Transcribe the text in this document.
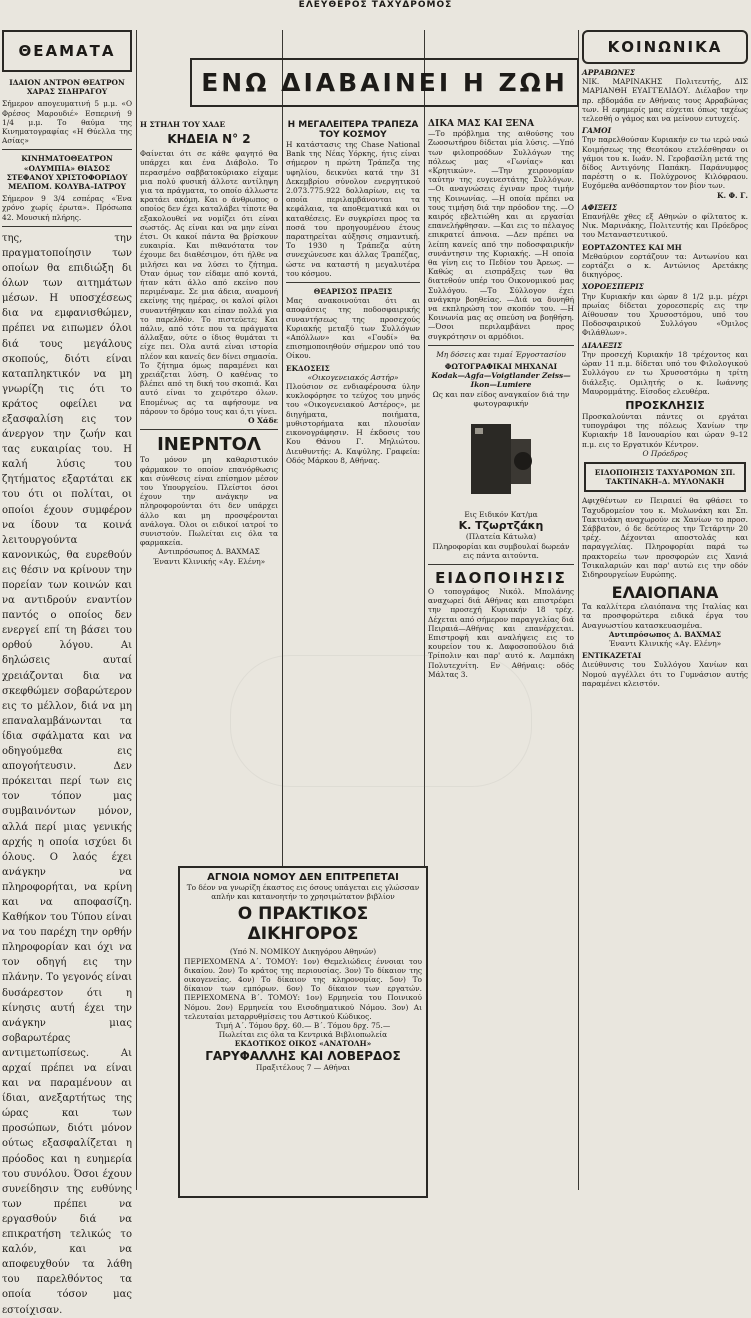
ΕΛΕΥΘΕΡΟΣ ΤΑΧΥΔΡΟΜΟΣ
ΘΕΑΜΑΤΑ
ΙΔΑΙΟΝ ΑΝΤΡΟΝ ΘΕΑΤΡΟΝ ΧΑΡΑΣ ΣΙΔΗΡΑΓΟΥ
Σήμερον απογευματινή 5 μ.μ. «Ο Φρέσος Μαρουδιέ» Εσπερινή 9 1/4 μ.μ. Το θαύμα της Κινηματογραφίας «Η Θύελλα της Ασίας»
ΚΙΝΗΜΑΤΟΘΕΑΤΡΟΝ «ΟΛΥΜΠΙΑ» ΘΙΑΣΟΣ ΣΤΕΦΑΝΟΥ ΧΡΙΣΤΟΦΟΡΙΔΟΥ ΜΕΛΠΟΜ. ΚΟΛΥΒΑ–ΙΑΤΡΟΥ
Σήμερον 9 3/4 εσπέρας «Ένα χρόνο χωρίς έρωτα». Πρόσωπα 42. Μουσική πλήρης.
της, την πραγματοποίησιν των οποίων θα επιδιώξη δι όλων των αιτημάτων μέσων. Η υποσχέσεως δια να εμφανισθώμεν, πρέπει να ειπωμεν όλοι διά τους μεγάλους σκοπούς, διότι είναι καταπληκτικόν να μη γνωρίζη τις ότι το κράτος οφείλει να εξασφαλίση εις τον άνεργον την ζωήν και τας ευκαιρίας του. Η καλή λύσις του ζητήματος εξαρτάται εκ του ότι οι πολίται, οι οποίοι έχουν συμφέρον να ίδουν τα κοινά λειτουργούντα κανονικώς, θα ευρεθούν εις θέσιν να κρίνουν την πορείαν των κοινών και να αντιδρούν εναντίον παντός ο οποίος δεν ενεργεί επί τη βάσει του ορθού λόγου. Αι δηλώσεις αυταί χρειάζονται δια να σκεφθώμεν σοβαρώτερον εις το μέλλον, διά να μη επαναλαμβάνωνται τα ίδια σφάλματα και να οδηγούμεθα εις απογοήτευσιν. Δεν πρόκειται περί των εις τον τόπον μας συμβαινόντων μόνον, αλλά περί μιας γενικής αρχής η οποία ισχύει δι όλους. Ο λαός έχει ανάγκην να πληροφορήται, να κρίνη και να αποφασίζη. Καθήκον του Τύπου είναι να του παρέχη την ορθήν πληροφορίαν και όχι να τον οδηγή εις την πλάνην. Το γεγονός είναι δυσάρεστον ότι η κίνησις αυτή έχει την ανάγκην μιας σοβαρωτέρας αντιμετωπίσεως. Αι αρχαί πρέπει να είναι και να παραμένουν αι ίδιαι, ανεξαρτήτως της ώρας και των προσώπων, διότι μόνον ούτως εξασφαλίζεται η πρόοδος και η ευημερία του συνόλου. Όσοι έχουν συνείδησιν της ευθύνης των πρέπει να εργασθούν διά να επικρατήση τελικώς το καλόν, και να αποφευχθούν τα λάθη του παρελθόντος τα οποία τόσον μας εστοίχισαν.
ΕΝΩ ΔΙΑΒΑΙΝΕΙ Η ΖΩΗ
Η ΣΤΗΛΗ ΤΟΥ ΧΑΔΕ
ΚΗΔΕΙΑ Ν° 2
Φαίνεται ότι σε κάθε φαγητό θα υπάρχει και ένα Διάβολο. Το περασμένο σαββατοκύριακο είχαμε μια πολύ φυσική άλλοτε αντίληψη για τα πράγματα, το οποίο άλλωστε κρατάει ακόμη. Και ο άνθρωπος ο οποίος δεν έχει καταλάβει τίποτε θα εξακολουθεί να νομίζει ότι είναι σωστός. Ας είναι και να μην είναι έτσι. Οι κακοί πάντα θα βρίσκουν ευκαιρία. Και πιθανότατα τον έχουμε δει διαθέσιμον, ότι ήλθε να μιλήσει και να λύσει το ζήτημα. Όταν όμως τον είδαμε από κοντά, ήταν κάτι άλλο από εκείνο που περιμέναμε. Σε μια άδεια, αναμονή εκείνης της ημέρας, οι καλοί φίλοι συναντήθηκαν και είπαν πολλά για το παρελθόν. Το πιστεύετε; Και πάλιν, από τότε που τα πράγματα άλλαξαν, ούτε ο ίδιος θυμάται τι είχε πει. Όλα αυτά είναι ιστορία πλέον και κανείς δεν δίνει σημασία. Το ζήτημα όμως παραμένει και χρειάζεται λύση. Ο καθένας το βλέπει από τη δική του σκοπιά. Και αυτό είναι το χειρότερο όλων. Επομένως ας τα αφήσουμε να πάρουν το δρόμο τους και ό,τι γίνει.
Ο Χάδε
ΙΝΕΡΝΤΟΛ
Το μόνον μη καθαριστικόν φάρμακον το οποίον επανόρθωσις και σύνθεσις είναι επίσημον μέσον του Υπουργείου. Πλείστοι όσοι έχουν την ανάγκην να πληροφορούνται ότι δεν υπάρχει άλλο και μη προσφέρονται ανάλογα. Όλοι οι ειδικοί ιατροί το συνιστούν. Πωλείται εις όλα τα φαρμακεία.
Αντιπρόσωπος Δ. ΒΑΧΜΑΣ
Έναντι Κλινικής «Αγ. Ελένη»
Η ΜΕΓΑΛΕΙΤΕΡΑ ΤΡΑΠΕΖΑ ΤΟΥ ΚΟΣΜΟΥ
Η κατάστασις της Chase National Bank της Νέας Υόρκης, ήτις είναι σήμερον η πρώτη Τράπεζα της υφηλίου, δεικνύει κατά την 31 Δεκεμβρίου σύνολον ενεργητικού 2.073.775.922 δολλαρίων, εις τα οποία περιλαμβάνονται τα κεφάλαια, τα αποθεματικά και οι καταθέσεις. Εν συγκρίσει προς τα ποσά του προηγουμένου έτους παρατηρείται αύξησις σημαντική. Το 1930 η Τράπεζα αύτη συνεχώνευσε και άλλας Τραπέζας, ώστε να καταστή η μεγαλυτέρα του κόσμου.
ΘΕΑΡΙΣΟΣ ΠΡΑΞΙΣ
Μας ανακοινούται ότι αι αποφάσεις της ποδοσφαιρικής συναντήσεως της προσεχούς Κυριακής μεταξύ των Συλλόγων «Απόλλων» και «Γουδί» θα επισημοποιηθούν σήμερον υπό του Οίκου.
ΕΚΔΟΣΕΙΣ
«Οικογενειακός Αστήρ»
Πλούσιον σε ενδιαφέρουσα ύλην κυκλοφόρησε το τεύχος του μηνός του «Οικογενειακού Αστέρος», με διηγήματα, ποιήματα, μυθιστορήματα και πλουσίαν εικονογράφησιν. Η έκδοσις του Κου Θάνου Γ. Μηλιώτου. Διευθυντής: Α. Καψύλης. Γραφεία: Οδός Μάρκου 8, Αθήνας.
ΔΙΚΑ ΜΑΣ ΚΑΙ ΞΕΝΑ
—Το πρόβλημα της αιθούσης του Ζωοσωτήρου δίδεται μία λύσις. —Υπό των φιλοπροόδων Συλλόγων της πόλεως μας «Γωνίας» και «Κρητικών». —Την χειρονομίαν ταύτην της ευγενεστάτης Συλλόγων. —Οι αναγνώσεις έγιναν προς τιμήν της Κοινωνίας. —Η οποία πρέπει να τους τιμήση διά την πρόοδον της. —Ο καιρός εβελτιώθη και αι εργασίαι επανελήφθησαν. —Και εις το πέλαγος επικρατεί άπνοια. —Δεν πρέπει να λείπη κανείς από την ποδοσφαιρικήν συνάντησιν της Κυριακής. —Η οποία θα γίνη εις το Πεδίον του Άρεως. —Καθώς αι εισπράξεις των θα διατεθούν υπέρ του Οικονομικού μας Συλλόγου. —Το Σύλλογον έχει ανάγκην βοηθείας. —Διά να δυνηθή να εκπληρώση τον σκοπόν του. —Η Κοινωνία μας ας σπεύση να βοηθήση. —Όσοι περιλαμβάνει προς συγκρότησιν οι αρμόδιοι.
Μη δόσεις και τιμαί Έργοστασίου
ΦΩΤΟΓΡΑΦΙΚΑΙ ΜΗΧΑΝΑΙ
Kodak—Agfa—Voigtlander Zeiss—Ikon—Lumiere
Ως και παν είδος αναγκαίον διά την φωτογραφικήν
Εις Ειδικόν Κατ/μα
Κ. Τζωρτζάκη
(Πλατεία Κάτωλα)
Πληροφορίαι και συμβουλαί δωρεάν εις πάντα αιτούντα.
ΕΙΔΟΠΟΙΗΣΙΣ
Ο τοπογράφος Νικόλ. Μπολάνης αναχωρεί διά Αθήνας και επιστρέφει την προσεχή Κυριακήν 18 τρέχ. Δέχεται από σήμερον παραγγελίας διά Πειραιά—Αθήνας και επανέρχεται. Επιστροφή και αναλήψεις εις το κουρείον του κ. Δαφοσοπούλου διά Τρίπολιν και παρ' αυτό κ. Λαμπάκη Πολυτεχνίτη. Εν Αθήναις: οδός Μάλτας 3.
ΚΟΙΝΩΝΙΚΑ
ΑΡΡΑΒΩΝΕΣ
ΝΙΚ. ΜΑΡΙΝΑΚΗΣ Πολιτευτής, ΔΙΣ ΜΑΡΙΑΝΘΗ ΕΥΑΓΓΕΛΙΔΟΥ. Διέλαβον την πρ. εβδομάδα εν Αθήναις τους Αρραβώνας των. Η εφημερίς μας εύχεται όπως ταχέως τελεσθή ο γάμος και να μείνουν ευτυχείς.
ΓΑΜΟΙ
Την παρελθούσαν Κυριακήν εν τω ιερώ ναώ Κοιμήσεως της Θεοτόκου ετελέσθησαν οι γάμοι του κ. Ιωάν. Ν. Γεροβασίλη μετά της δίδος Αντιγόνης Παπάκη. Παράνυμφος παρέστη ο κ. Πολύχρονος Κιλόφραου. Ευχόμεθα ανθόσπαρτον τον βίον των.
Κ. Φ. Γ.
ΑΦΙΞΕΙΣ
Επανήλθε χθες εξ Αθηνών ο φίλτατος κ. Νικ. Μαρινάκης, Πολιτευτής και Πρόεδρος του Μεταναστευτικού.
ΕΟΡΤΑΖΟΝΤΕΣ ΚΑΙ ΜΗ
Μεθαύριον εορτάζουν τα: Αντωνίου και εορτάζει ο κ. Αντώνιος Αρετάκης δικηγόρος.
ΧΟΡΟΕΣΠΕΡΙΣ
Την Κυριακήν και ώραν 8 1/2 μ.μ. μέχρι πρωίας δίδεται χοροεσπερίς εις την Αίθουσαν του Χρυσοστόμου, υπό του Ποδοσφαιρικού Συλλόγου «Όμιλος Φιλάθλων».
ΔΙΑΛΕΞΙΣ
Την προσεχή Κυριακήν 18 τρέχοντος και ώραν 11 π.μ. δίδεται υπό του Φιλολογικού Συλλόγου εν τω Χρυσοστόμω η τρίτη διάλεξις. Ομιλητής ο κ. Ιωάννης Μαυρομμάτης. Είσοδος ελευθέρα.
ΠΡΟΣΚΛΗΣΙΣ
Προσκαλούνται πάντες οι εργάται τυπογράφοι της πόλεως Χανίων την Κυριακήν 18 Ιανουαρίου και ώραν 9–12 π.μ. εις το Εργατικόν Κέντρον.
Ο Πρόεδρος
ΕΙΔΟΠΟΙΗΣΙΣ ΤΑΧΥΔΡΟΜΩΝ ΣΠ. ΤΑΚΤΙΝΑΚΗ–Δ. ΜΥΛΟΝΑΚΗ
Αφιχθέντων εν Πειραιεί θα φθάσει το Ταχυδρομείον του κ. Μυλωνάκη και Σπ. Τακτινάκη αναχωρούν εκ Χανίων το προσ. Σάββατον, ό δε δεύτερος την Τετάρτην 20 τρέχ. Δέχονται αποστολάς και παραγγελίας. Πληροφορίαι παρά τω πρακτορείω των προσφορών εις Χανιά Τσικαλαριών και παρ' αυτώ εις την οδόν Σιδηρουργείων Ευρώπης.
ΕΛΑΙΟΠΑΝΑ
Τα καλλίτερα ελαιόπανα της Ιταλίας και τα προσφορώτερα ειδικά έργα του Αναγνωστίου κατασκευασμένα.
Αντιπρόσωπος Δ. ΒΑΧΜΑΣ
Έναντι Κλινικής «Αγ. Ελένη»
ΕΝΤΙΚΑΖΕΤΑΙ
Διεύθυνσις του Συλλόγου Χανίων και Νομού αγγέλλει ότι το Γυμνάσιον αυτής παραμένει κλειστόν.
ΑΓΝΟΙΑ ΝΟΜΟΥ ΔΕΝ ΕΠΙΤΡΕΠΕΤΑΙ
Το δέον να γνωρίζη έκαστος εις όσους υπάγεται εις γλώσσαν απλήν και κατανοητήν το χρησιμώτατον βιβλίον
Ο ΠΡΑΚΤΙΚΟΣ ΔΙΚΗΓΟΡΟΣ
(Υπό Ν. ΝΟΜΙΚΟΥ Δικηγόρου Αθηνών)
ΠΕΡΙΕΧΟΜΕΝΑ Α΄. ΤΟΜΟΥ: 1ον) Θεμελιώδεις έννοιαι του δικαίου. 2ον) Το κράτος της περιουσίας. 3ον) Το δίκαιον της οικογενείας. 4ον) Το δίκαιον της κληρονομίας. 5ον) Το δίκαιον των εμπόρων. 6ον) Το δίκαιον των εργατών. ΠΕΡΙΕΧΟΜΕΝΑ Β΄. ΤΟΜΟΥ: 1ον) Ερμηνεία του Ποινικού Νόμου. 2ον) Ερμηνεία του Εισοδηματικού Νόμου. 3ον) Αι τελευταίαι μεταρρυθμίσεις του Αστικού Κώδικος.
Τιμή Α΄. Τόμου δρχ. 60.— Β΄. Τόμου δρχ. 75.—
Πωλείται εις όλα τα Κεντρικά Βιβλιοπωλεία
ΕΚΔΟΤΙΚΟΣ ΟΙΚΟΣ «ΑΝΑΤΟΛΗ»
ΓΑΡΥΦΑΛΛΗΣ ΚΑΙ ΛΟΒΕΡΔΟΣ
Πραξιτέλους 7 — Αθήναι
